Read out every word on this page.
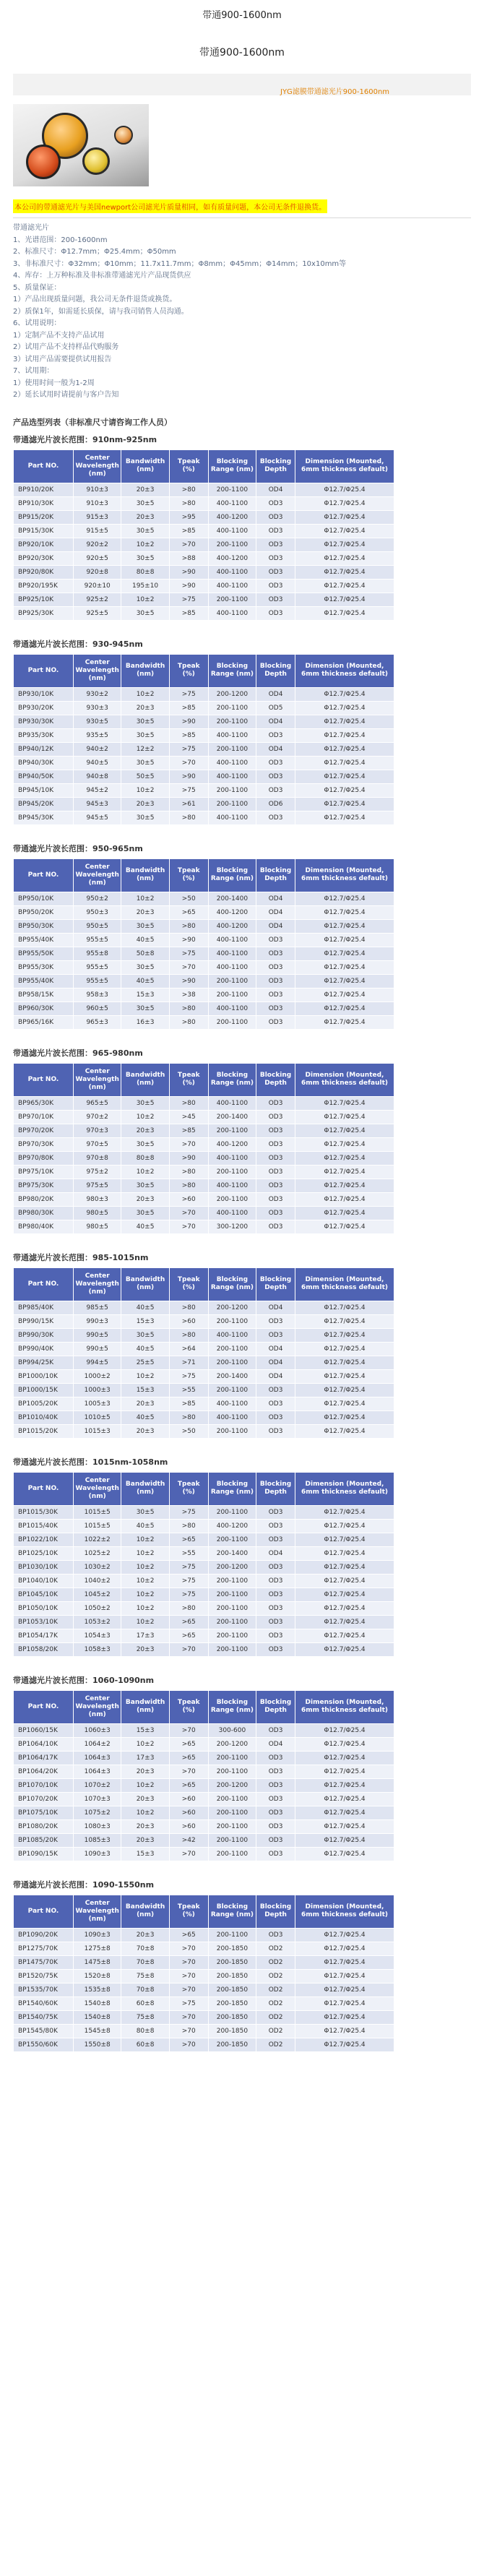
带通900-1600nm
带通900-1600nm
JYG滤膜带通滤光片900-1600nm
本公司的带通滤光片与美国newport公司滤光片质量相同，如有质量问题，本公司无条件退换货。
带通滤光片
1、光谱范围：200-1600nm
2、标准尺寸：Φ12.7mm；Φ25.4mm；Φ50mm
3、非标准尺寸：Φ32mm；Φ10mm；11.7x11.7mm；Φ8mm；Φ45mm；Φ14mm；10x10mm等
4、库存：上万种标准及非标准带通滤光片产品现货供应
5、质量保证：
1）产品出现质量问题，我公司无条件退货或换货。
2）质保1年，如需延长质保，请与我司销售人员沟通。
6、试用说明：
1）定制产品不支持产品试用
2）试用产品不支持样品代购服务
3）试用产品需要提供试用报告
7、试用期：
1）使用时间一般为1-2周
2）延长试用时请提前与客户告知
产品选型列表（非标准尺寸请咨询工作人员）
带通滤光片波长范围：910nm-925nm
Part NO.	Center Wavelength (nm)	Bandwidth (nm)	Tpeak (%)	Blocking Range (nm)	Blocking Depth	Dimension (Mounted, 6mm thickness default)
BP910/20K	910±3	20±3	>80	200-1100	OD4	Φ12.7/Φ25.4
BP910/30K	910±3	30±5	>80	400-1100	OD3	Φ12.7/Φ25.4
BP915/20K	915±3	20±3	>95	400-1200	OD3	Φ12.7/Φ25.4
BP915/30K	915±5	30±5	>85	400-1100	OD3	Φ12.7/Φ25.4
BP920/10K	920±2	10±2	>70	200-1100	OD3	Φ12.7/Φ25.4
BP920/30K	920±5	30±5	>88	400-1200	OD3	Φ12.7/Φ25.4
BP920/80K	920±8	80±8	>90	400-1100	OD3	Φ12.7/Φ25.4
BP920/195K	920±10	195±10	>90	400-1100	OD3	Φ12.7/Φ25.4
BP925/10K	925±2	10±2	>75	200-1100	OD3	Φ12.7/Φ25.4
BP925/30K	925±5	30±5	>85	400-1100	OD3	Φ12.7/Φ25.4
带通滤光片波长范围：930-945nm
Part NO.	Center Wavelength (nm)	Bandwidth (nm)	Tpeak (%)	Blocking Range (nm)	Blocking Depth	Dimension (Mounted, 6mm thickness default)
BP930/10K	930±2	10±2	>75	200-1200	OD4	Φ12.7/Φ25.4
BP930/20K	930±3	20±3	>85	200-1100	OD5	Φ12.7/Φ25.4
BP930/30K	930±5	30±5	>90	200-1100	OD4	Φ12.7/Φ25.4
BP935/30K	935±5	30±5	>85	400-1100	OD3	Φ12.7/Φ25.4
BP940/12K	940±2	12±2	>75	200-1100	OD4	Φ12.7/Φ25.4
BP940/30K	940±5	30±5	>70	400-1100	OD3	Φ12.7/Φ25.4
BP940/50K	940±8	50±5	>90	400-1100	OD3	Φ12.7/Φ25.4
BP945/10K	945±2	10±2	>75	200-1100	OD3	Φ12.7/Φ25.4
BP945/20K	945±3	20±3	>61	200-1100	OD6	Φ12.7/Φ25.4
BP945/30K	945±5	30±5	>80	400-1100	OD3	Φ12.7/Φ25.4
带通滤光片波长范围：950-965nm
Part NO.	Center Wavelength (nm)	Bandwidth (nm)	Tpeak (%)	Blocking Range (nm)	Blocking Depth	Dimension (Mounted, 6mm thickness default)
BP950/10K	950±2	10±2	>50	200-1400	OD4	Φ12.7/Φ25.4
BP950/20K	950±3	20±3	>65	400-1200	OD4	Φ12.7/Φ25.4
BP950/30K	950±5	30±5	>80	400-1200	OD4	Φ12.7/Φ25.4
BP955/40K	955±5	40±5	>90	400-1100	OD3	Φ12.7/Φ25.4
BP955/50K	955±8	50±8	>75	400-1100	OD3	Φ12.7/Φ25.4
BP955/30K	955±5	30±5	>70	400-1100	OD3	Φ12.7/Φ25.4
BP955/40K	955±5	40±5	>90	200-1100	OD3	Φ12.7/Φ25.4
BP958/15K	958±3	15±3	>38	200-1100	OD3	Φ12.7/Φ25.4
BP960/30K	960±5	30±5	>80	400-1100	OD3	Φ12.7/Φ25.4
BP965/16K	965±3	16±3	>80	200-1100	OD3	Φ12.7/Φ25.4
带通滤光片波长范围：965-980nm
Part NO.	Center Wavelength (nm)	Bandwidth (nm)	Tpeak (%)	Blocking Range (nm)	Blocking Depth	Dimension (Mounted, 6mm thickness default)
BP965/30K	965±5	30±5	>80	400-1100	OD3	Φ12.7/Φ25.4
BP970/10K	970±2	10±2	>45	200-1400	OD3	Φ12.7/Φ25.4
BP970/20K	970±3	20±3	>85	200-1100	OD3	Φ12.7/Φ25.4
BP970/30K	970±5	30±5	>70	400-1200	OD3	Φ12.7/Φ25.4
BP970/80K	970±8	80±8	>90	400-1100	OD3	Φ12.7/Φ25.4
BP975/10K	975±2	10±2	>80	200-1100	OD3	Φ12.7/Φ25.4
BP975/30K	975±5	30±5	>80	400-1100	OD3	Φ12.7/Φ25.4
BP980/20K	980±3	20±3	>60	200-1100	OD3	Φ12.7/Φ25.4
BP980/30K	980±5	30±5	>70	400-1100	OD3	Φ12.7/Φ25.4
BP980/40K	980±5	40±5	>70	300-1200	OD3	Φ12.7/Φ25.4
带通滤光片波长范围：985-1015nm
Part NO.	Center Wavelength (nm)	Bandwidth (nm)	Tpeak (%)	Blocking Range (nm)	Blocking Depth	Dimension (Mounted, 6mm thickness default)
BP985/40K	985±5	40±5	>80	200-1200	OD4	Φ12.7/Φ25.4
BP990/15K	990±3	15±3	>60	200-1100	OD3	Φ12.7/Φ25.4
BP990/30K	990±5	30±5	>80	400-1100	OD3	Φ12.7/Φ25.4
BP990/40K	990±5	40±5	>64	200-1100	OD4	Φ12.7/Φ25.4
BP994/25K	994±5	25±5	>71	200-1100	OD4	Φ12.7/Φ25.4
BP1000/10K	1000±2	10±2	>75	200-1400	OD4	Φ12.7/Φ25.4
BP1000/15K	1000±3	15±3	>55	200-1100	OD3	Φ12.7/Φ25.4
BP1005/20K	1005±3	20±3	>85	400-1100	OD3	Φ12.7/Φ25.4
BP1010/40K	1010±5	40±5	>80	400-1100	OD3	Φ12.7/Φ25.4
BP1015/20K	1015±3	20±3	>50	200-1100	OD3	Φ12.7/Φ25.4
带通滤光片波长范围：1015nm-1058nm
Part NO.	Center Wavelength (nm)	Bandwidth (nm)	Tpeak (%)	Blocking Range (nm)	Blocking Depth	Dimension (Mounted, 6mm thickness default)
BP1015/30K	1015±5	30±5	>75	200-1100	OD3	Φ12.7/Φ25.4
BP1015/40K	1015±5	40±5	>80	400-1200	OD3	Φ12.7/Φ25.4
BP1022/10K	1022±2	10±2	>65	200-1100	OD3	Φ12.7/Φ25.4
BP1025/10K	1025±2	10±2	>55	200-1400	OD4	Φ12.7/Φ25.4
BP1030/10K	1030±2	10±2	>75	200-1200	OD3	Φ12.7/Φ25.4
BP1040/10K	1040±2	10±2	>75	200-1100	OD3	Φ12.7/Φ25.4
BP1045/10K	1045±2	10±2	>75	200-1100	OD3	Φ12.7/Φ25.4
BP1050/10K	1050±2	10±2	>80	200-1100	OD3	Φ12.7/Φ25.4
BP1053/10K	1053±2	10±2	>65	200-1100	OD3	Φ12.7/Φ25.4
BP1054/17K	1054±3	17±3	>65	200-1100	OD3	Φ12.7/Φ25.4
BP1058/20K	1058±3	20±3	>70	200-1100	OD3	Φ12.7/Φ25.4
带通滤光片波长范围：1060-1090nm
Part NO.	Center Wavelength (nm)	Bandwidth (nm)	Tpeak (%)	Blocking Range (nm)	Blocking Depth	Dimension (Mounted, 6mm thickness default)
BP1060/15K	1060±3	15±3	>70	300-600	OD3	Φ12.7/Φ25.4
BP1064/10K	1064±2	10±2	>65	200-1200	OD4	Φ12.7/Φ25.4
BP1064/17K	1064±3	17±3	>65	200-1100	OD3	Φ12.7/Φ25.4
BP1064/20K	1064±3	20±3	>70	200-1100	OD3	Φ12.7/Φ25.4
BP1070/10K	1070±2	10±2	>65	200-1200	OD3	Φ12.7/Φ25.4
BP1070/20K	1070±3	20±3	>60	200-1100	OD3	Φ12.7/Φ25.4
BP1075/10K	1075±2	10±2	>60	200-1100	OD3	Φ12.7/Φ25.4
BP1080/20K	1080±3	20±3	>60	200-1100	OD3	Φ12.7/Φ25.4
BP1085/20K	1085±3	20±3	>42	200-1100	OD3	Φ12.7/Φ25.4
BP1090/15K	1090±3	15±3	>70	200-1100	OD3	Φ12.7/Φ25.4
带通滤光片波长范围：1090-1550nm
Part NO.	Center Wavelength (nm)	Bandwidth (nm)	Tpeak (%)	Blocking Range (nm)	Blocking Depth	Dimension (Mounted, 6mm thickness default)
BP1090/20K	1090±3	20±3	>65	200-1100	OD3	Φ12.7/Φ25.4
BP1275/70K	1275±8	70±8	>70	200-1850	OD2	Φ12.7/Φ25.4
BP1475/70K	1475±8	70±8	>70	200-1850	OD2	Φ12.7/Φ25.4
BP1520/75K	1520±8	75±8	>70	200-1850	OD2	Φ12.7/Φ25.4
BP1535/70K	1535±8	70±8	>70	200-1850	OD2	Φ12.7/Φ25.4
BP1540/60K	1540±8	60±8	>75	200-1850	OD2	Φ12.7/Φ25.4
BP1540/75K	1540±8	75±8	>70	200-1850	OD2	Φ12.7/Φ25.4
BP1545/80K	1545±8	80±8	>70	200-1850	OD2	Φ12.7/Φ25.4
BP1550/60K	1550±8	60±8	>70	200-1850	OD2	Φ12.7/Φ25.4
